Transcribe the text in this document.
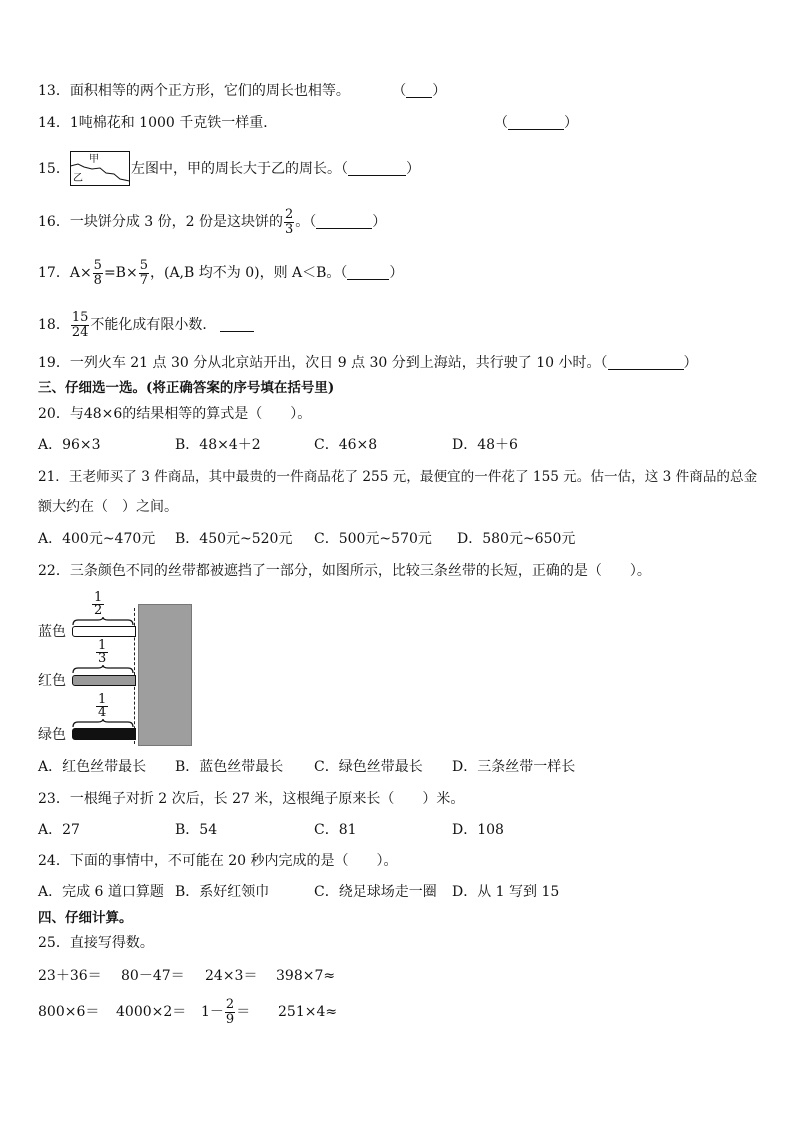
13．面积相等的两个正方形，它们的周长也相等。	（ ）
14．1吨棉花和 1000 千克铁一样重．	（	）
15．
甲
乙
左图中，甲的周长大于乙的周长。（	）
16．一块饼分成 3 份，2 份是这块饼的 $\frac{2}{3}$ 。（	）
17．$A\times \frac{5}{8} =B\times \frac{5}{7}$ ，(A,B 均不为 0)，则 A＜B。（	）
18． $\frac{15}{24}$ 不能化成有限小数．
19．一列火车 21 点 30 分从北京站开出，次日 9 点 30 分到上海站，共行驶了 10 小时。（	）
三、仔细选一选。(将正确答案的序号填在括号里)
20．与48×6的结果相等的算式是（　　）。
A．96×3	B．48×4＋2	C．46×8	D．48＋6
21．王老师买了 3 件商品，其中最贵的一件商品花了 255 元，最便宜的一件花了 155 元。估一估，这 3 件商品的总金
额大约在（　）之间。
A．400元~470元 B．450元~520元 C．500元~570元 D．580元~650元
22．三条颜色不同的丝带都被遮挡了一部分，如图所示，比较三条丝带的长短，正确的是（　　）。
蓝色
1
2
红色
1
3
绿色
1
4
A．红色丝带最长 B．蓝色丝带最长 C．绿色丝带最长 D．三条丝带一样长
23．一根绳子对折 2 次后，长 27 米，这根绳子原来长（　　）米。
A．27	B．54	C．81	D．108
24．下面的事情中，不可能在 20 秒内完成的是（　　）。
A．完成 6 道口算题 B．系好红领巾	C．绕足球场走一圈 D．从 1 写到 15
四、仔细计算。
25．直接写得数。
23＋36＝ 80－47＝ 24×3＝ 398×7≈
$800\times 6= 4000\times 2= 1- \frac{2}{9} = 251\times 4\approx$
